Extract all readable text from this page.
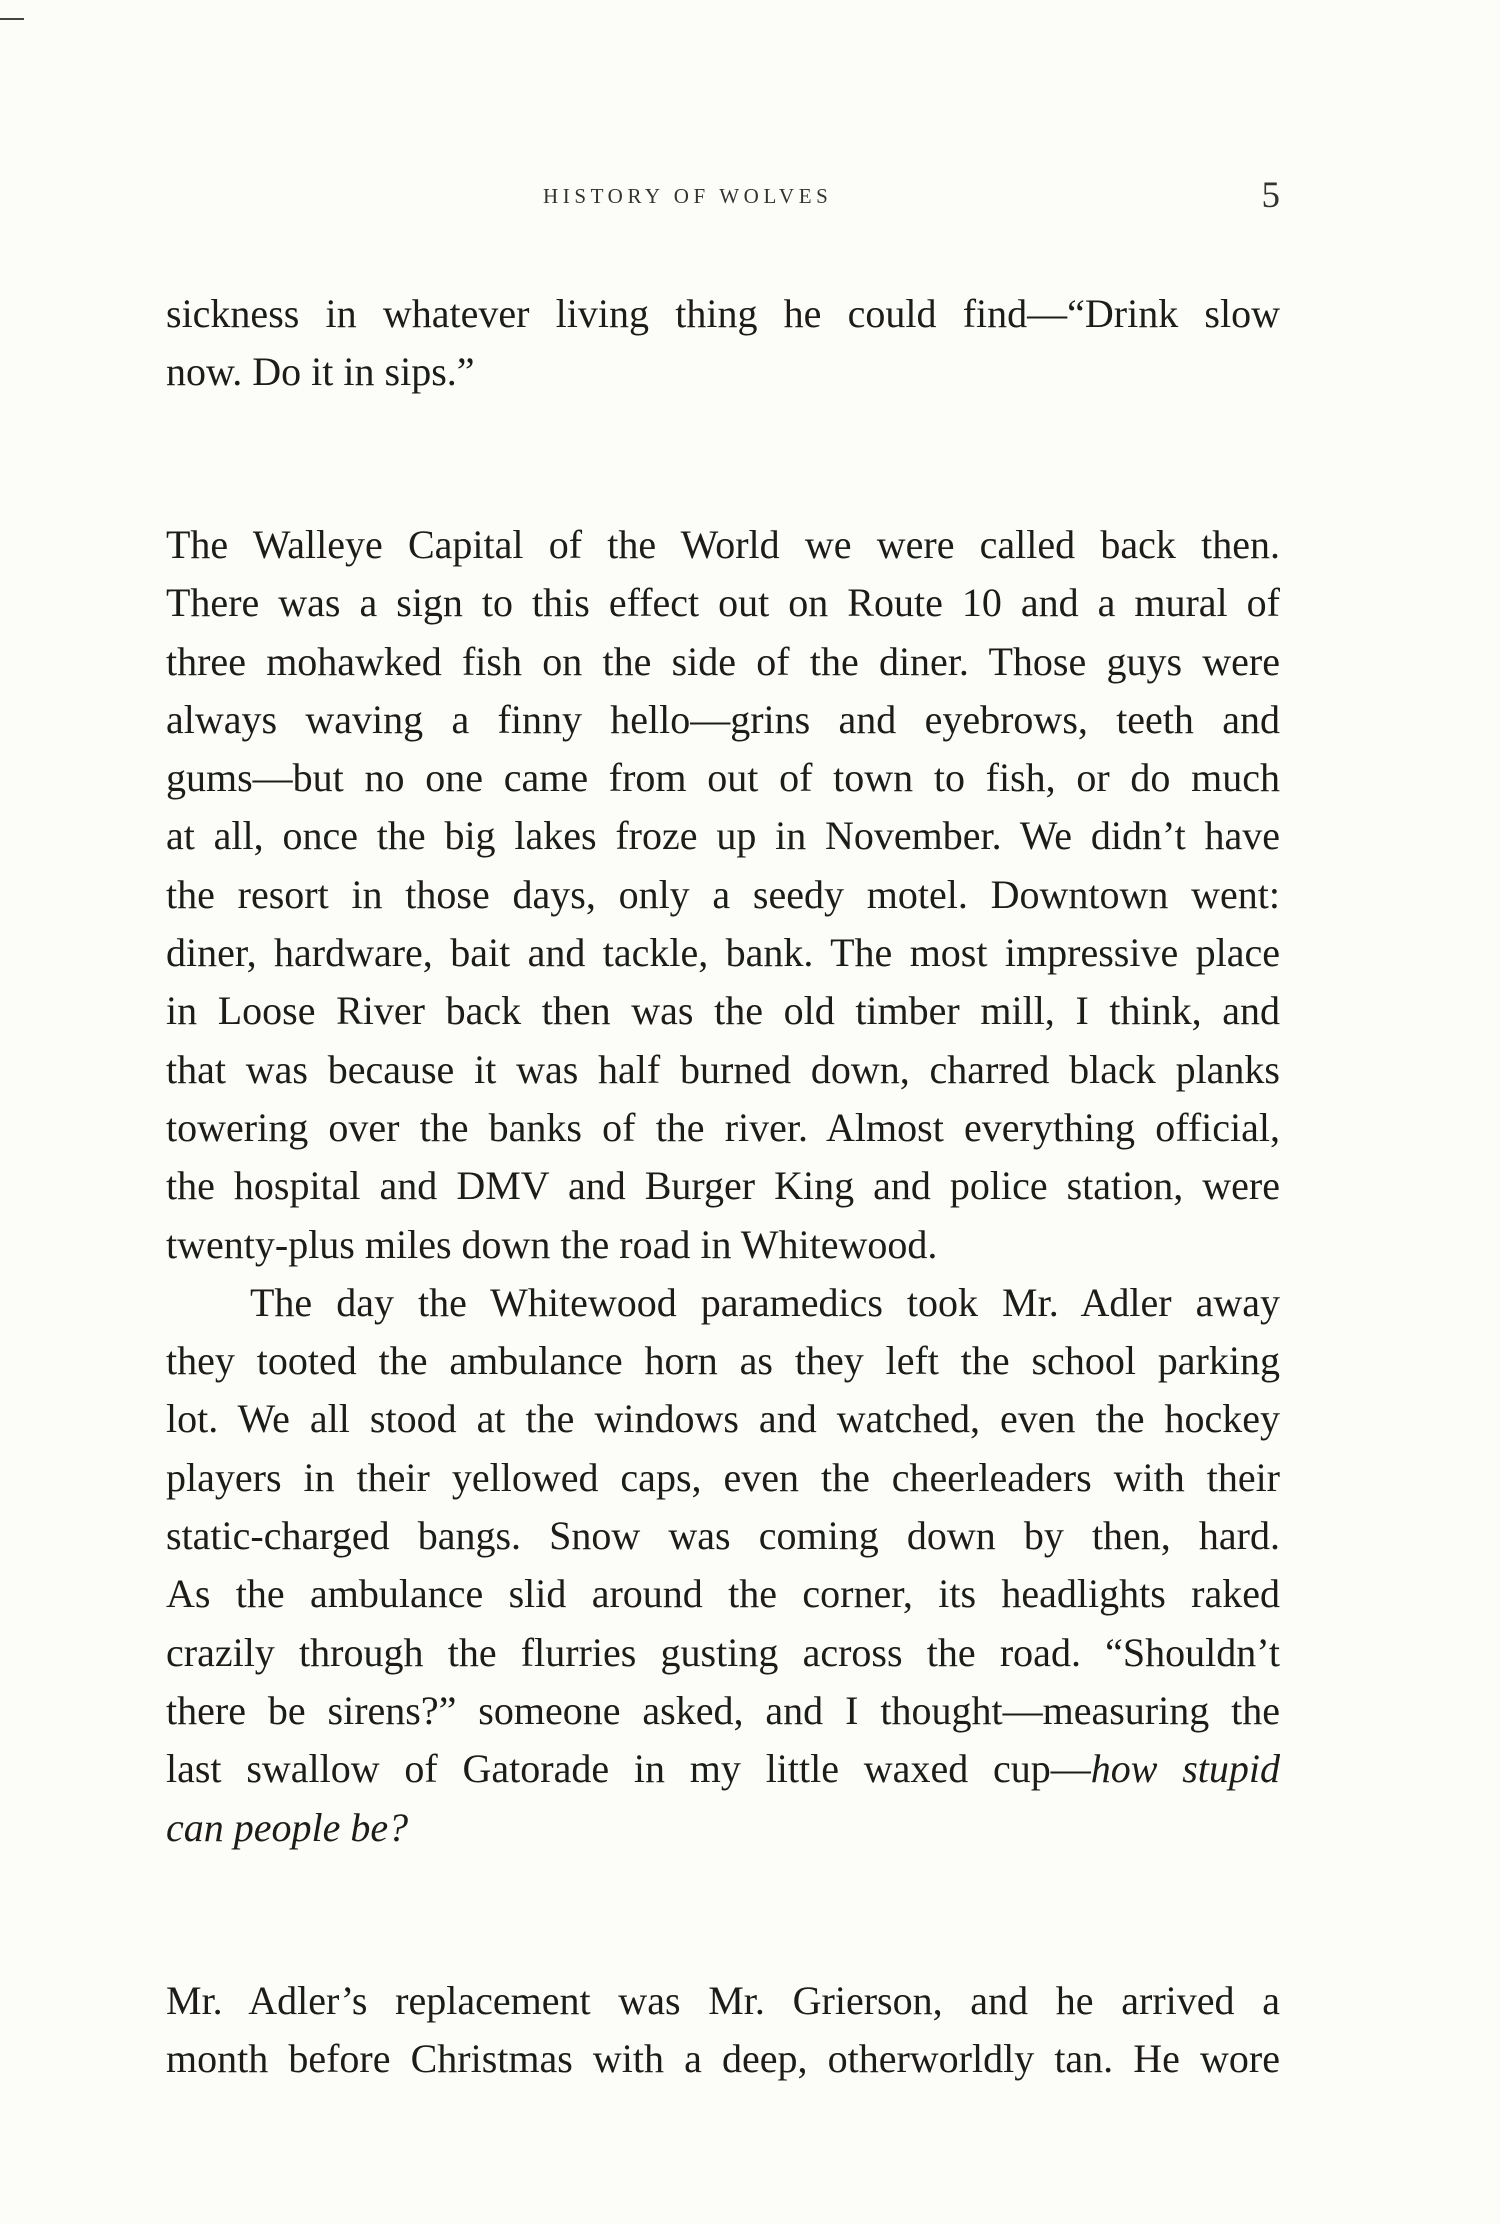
HISTORY OF WOLVES	5
sickness in whatever living thing he could find—“Drink slow
now. Do it in sips.”
The Walleye Capital of the World we were called back then.
There was a sign to this effect out on Route 10 and a mural of
three mohawked fish on the side of the diner. Those guys were
always waving a finny hello—grins and eyebrows, teeth and
gums—but no one came from out of town to fish, or do much
at all, once the big lakes froze up in November. We didn’t have
the resort in those days, only a seedy motel. Downtown went:
diner, hardware, bait and tackle, bank. The most impressive place
in Loose River back then was the old timber mill, I think, and
that was because it was half burned down, charred black planks
towering over the banks of the river. Almost everything official,
the hospital and DMV and Burger King and police station, were
twenty-plus miles down the road in Whitewood.
The day the Whitewood paramedics took Mr. Adler away
they tooted the ambulance horn as they left the school parking
lot. We all stood at the windows and watched, even the hockey
players in their yellowed caps, even the cheerleaders with their
static-charged bangs. Snow was coming down by then, hard.
As the ambulance slid around the corner, its headlights raked
crazily through the flurries gusting across the road. “Shouldn’t
there be sirens?” someone asked, and I thought—measuring the
last swallow of Gatorade in my little waxed cup—how stupid
can people be?
Mr. Adler’s replacement was Mr. Grierson, and he arrived a
month before Christmas with a deep, otherworldly tan. He wore
